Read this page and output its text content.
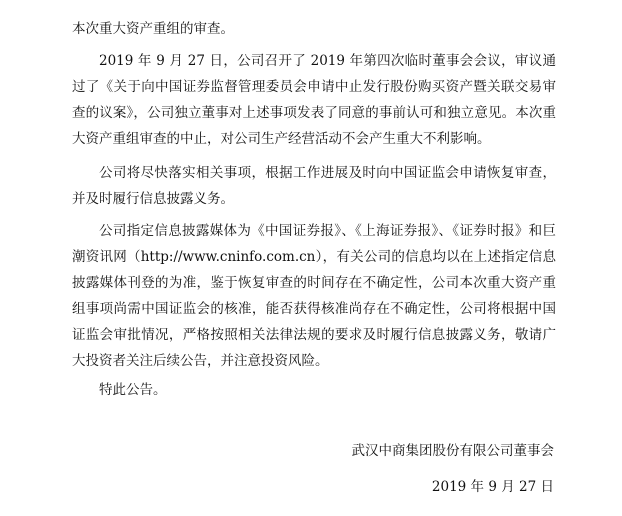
本次重大资产重组的审查。

2019 年 9 月 27 日，公司召开了 2019 年第四次临时董事会会议，审议通过了《关于向中国证券监督管理委员会申请中止发行股份购买资产暨关联交易审查的议案》，公司独立董事对上述事项发表了同意的事前认可和独立意见。本次重大资产重组审查的中止，对公司生产经营活动不会产生重大不利影响。

公司将尽快落实相关事项，根据工作进展及时向中国证监会申请恢复审查，并及时履行信息披露义务。

公司指定信息披露媒体为《中国证券报》、《上海证券报》、《证券时报》和巨潮资讯网（http://www.cninfo.com.cn），有关公司的信息均以在上述指定信息披露媒体刊登的为准，鉴于恢复审查的时间存在不确定性，公司本次重大资产重组事项尚需中国证监会的核准，能否获得核准尚存在不确定性，公司将根据中国证监会审批情况，严格按照相关法律法规的要求及时履行信息披露义务，敬请广大投资者关注后续公告，并注意投资风险。

特此公告。

武汉中商集团股份有限公司董事会

2019 年 9 月 27 日
